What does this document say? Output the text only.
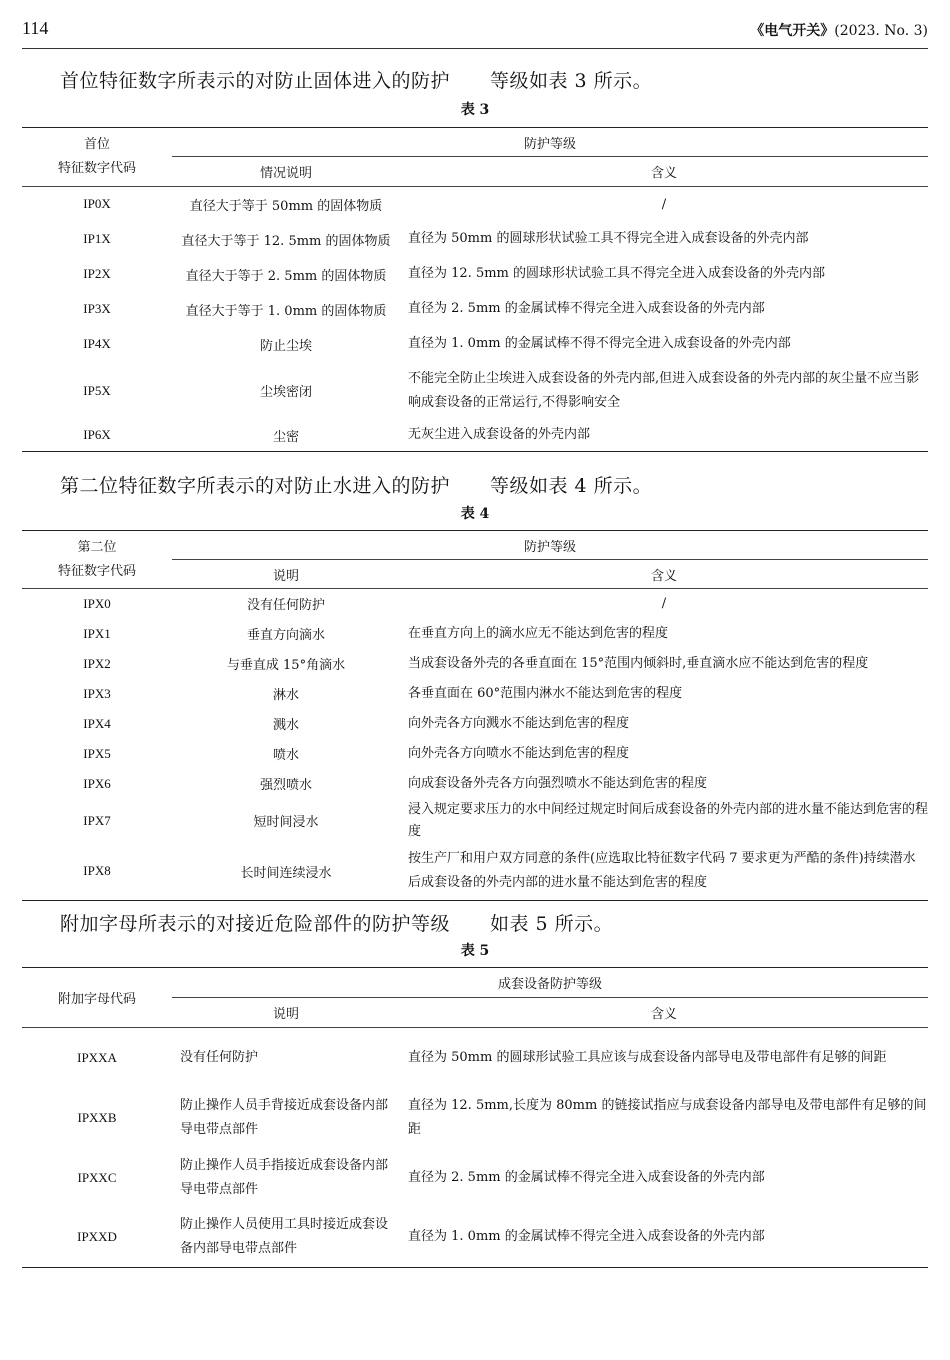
114	《电气开关》(2023. No. 3)
首位特征数字所表示的对防止固体进入的防护 等级如表 3 所示。
表 3
首位
特征数字代码	防护等级	
	情况说明	含义
IP0X	直径大于等于 50mm 的固体物质	/
IP1X	直径大于等于 12. 5mm 的固体物质	直径为 50mm 的圆球形状试验工具不得完全进入成套设备的外壳内部
IP2X	直径大于等于 2. 5mm 的固体物质	直径为 12. 5mm 的圆球形状试验工具不得完全进入成套设备的外壳内部
IP3X	直径大于等于 1. 0mm 的固体物质	直径为 2. 5mm 的金属试棒不得完全进入成套设备的外壳内部
IP4X	防止尘埃	直径为 1. 0mm 的金属试棒不得不得完全进入成套设备的外壳内部
IP5X	尘埃密闭	不能完全防止尘埃进入成套设备的外壳内部,但进入成套设备的外壳内部的灰尘量不应当影响成套设备的正常运行,不得影响安全
IP6X	尘密	无灰尘进入成套设备的外壳内部
第二位特征数字所表示的对防止水进入的防护 等级如表 4 所示。
表 4
第二位
特征数字代码	防护等级	
	说明	含义
IPX0	没有任何防护	/
IPX1	垂直方向滴水	在垂直方向上的滴水应无不能达到危害的程度
IPX2	与垂直成 15°角滴水	当成套设备外壳的各垂直面在 15°范围内倾斜时,垂直滴水应不能达到危害的程度
IPX3	淋水	各垂直面在 60°范围内淋水不能达到危害的程度
IPX4	溅水	向外壳各方向溅水不能达到危害的程度
IPX5	喷水	向外壳各方向喷水不能达到危害的程度
IPX6	强烈喷水	向成套设备外壳各方向强烈喷水不能达到危害的程度
IPX7	短时间浸水	浸入规定要求压力的水中间经过规定时间后成套设备的外壳内部的进水量不能达到危害的程度
IPX8	长时间连续浸水	按生产厂和用户双方同意的条件(应选取比特征数字代码 7 要求更为严酷的条件)持续潜水后成套设备的外壳内部的进水量不能达到危害的程度
附加字母所表示的对接近危险部件的防护等级 如表 5 所示。
表 5
附加字母代码	成套设备防护等级	
	说明	含义
IPXXA	没有任何防护	直径为 50mm 的圆球形试验工具应该与成套设备内部导电及带电部件有足够的间距
IPXXB	防止操作人员手背接近成套设备内部导电带点部件	直径为 12. 5mm,长度为 80mm 的链接试指应与成套设备内部导电及带电部件有足够的间距
IPXXC	防止操作人员手指接近成套设备内部导电带点部件	直径为 2. 5mm 的金属试棒不得完全进入成套设备的外壳内部
IPXXD	防止操作人员使用工具时接近成套设备内部导电带点部件	直径为 1. 0mm 的金属试棒不得完全进入成套设备的外壳内部
